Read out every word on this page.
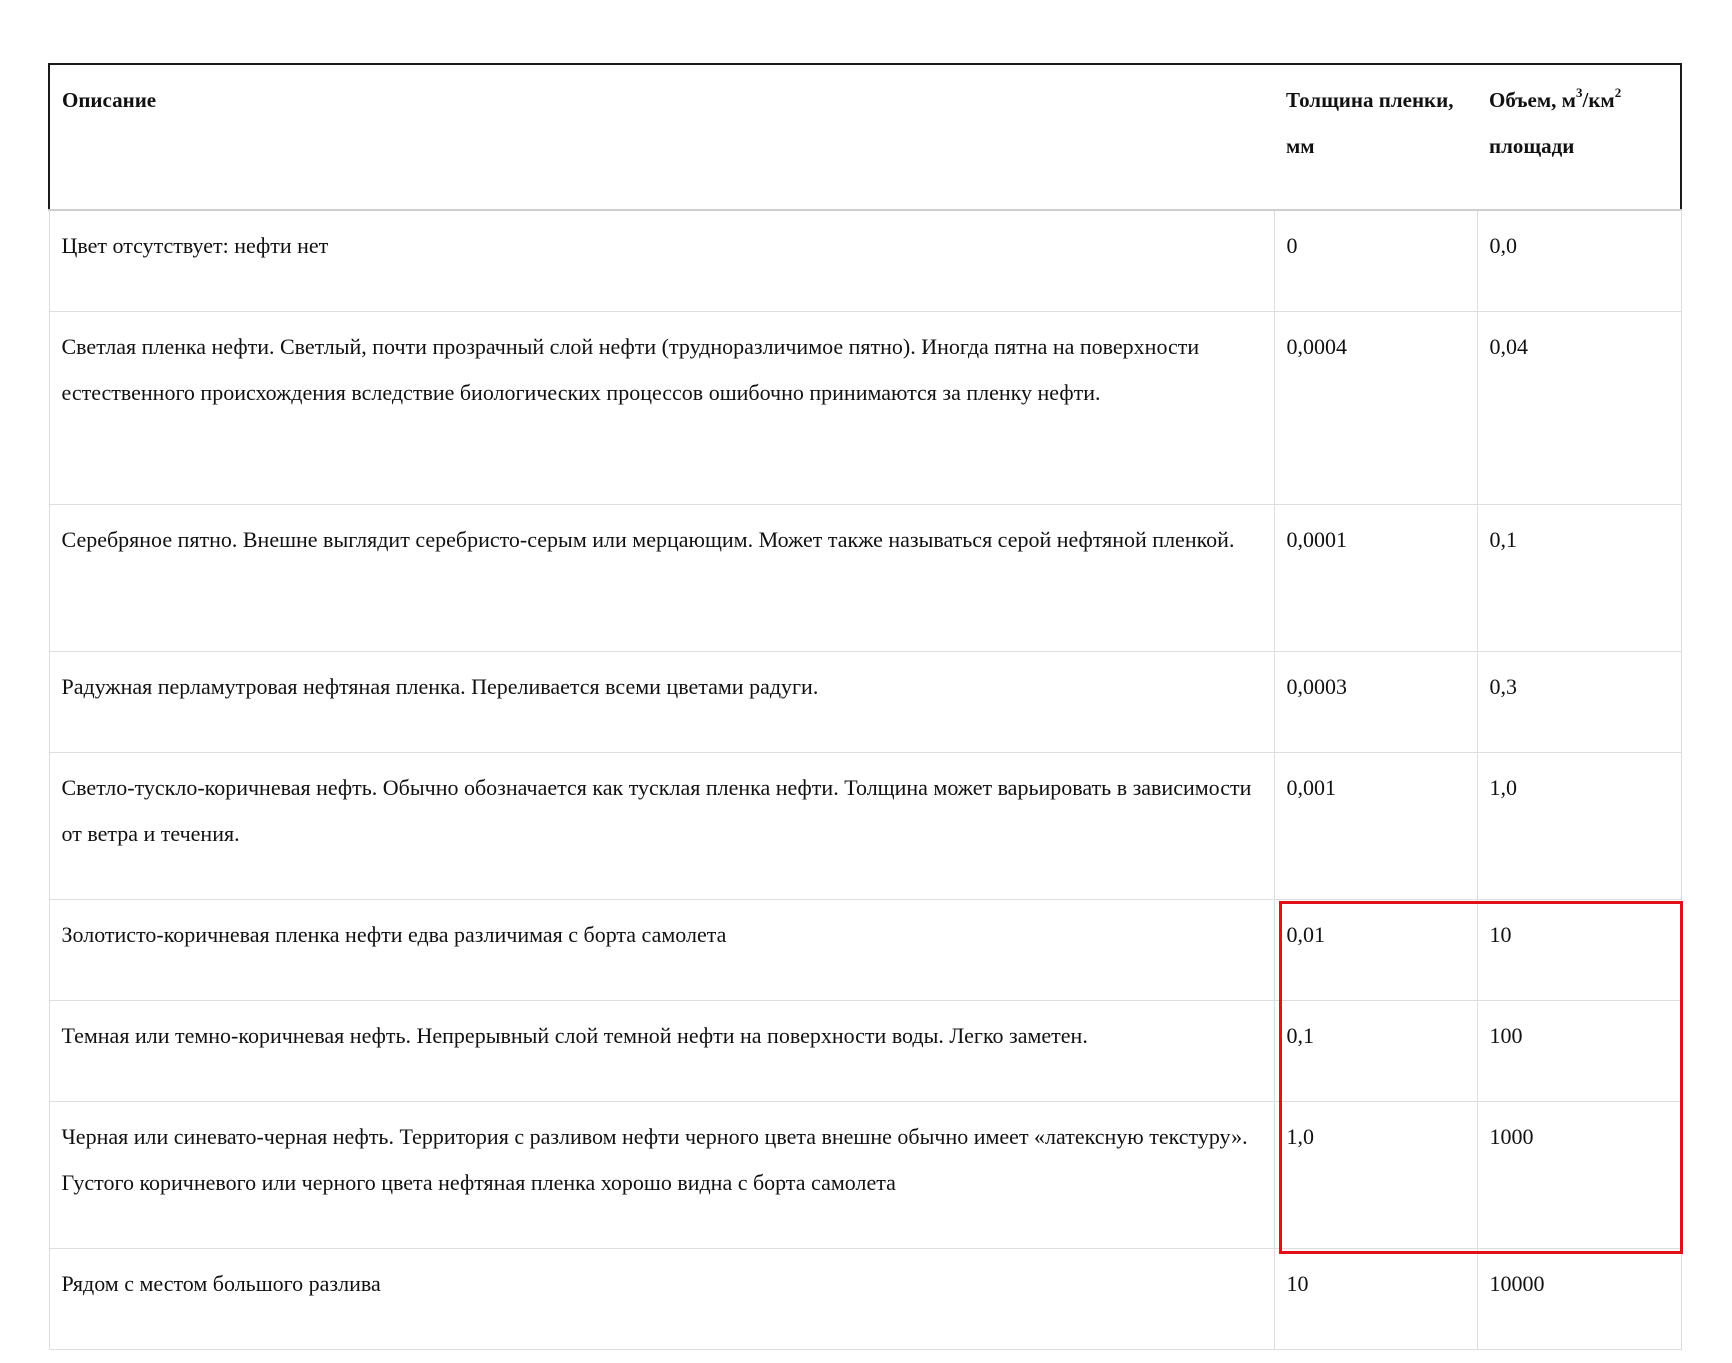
Описание	Толщина пленки, мм	Объем, $м^3/км^2$ площади
Цвет отсутствует: нефти нет	0	0,0
Светлая пленка нефти. Светлый, почти прозрачный слой нефти (трудноразличимое пятно). Иногда пятна на поверхности естественного происхождения вследствие биологических процессов ошибочно принимаются за пленку нефти.	0,0004	0,04
Серебряное пятно. Внешне выглядит серебристо-серым или мерцающим. Может также называться серой нефтяной пленкой.	0,0001	0,1
Радужная перламутровая нефтяная пленка. Переливается всеми цветами радуги.	0,0003	0,3
Светло-тускло-коричневая нефть. Обычно обозначается как тусклая пленка нефти. Толщина может варьировать в зависимости от ветра и течения.	0,001	1,0
Золотисто-коричневая пленка нефти едва различимая с борта самолета	0,01	10
Темная или темно-коричневая нефть. Непрерывный слой темной нефти на поверхности воды. Легко заметен.	0,1	100
Черная или синевато-черная нефть. Территория с разливом нефти черного цвета внешне обычно имеет «латексную текстуру». Густого коричневого или черного цвета нефтяная пленка хорошо видна с борта самолета	1,0	1000
Рядом с местом большого разлива	10	10000
